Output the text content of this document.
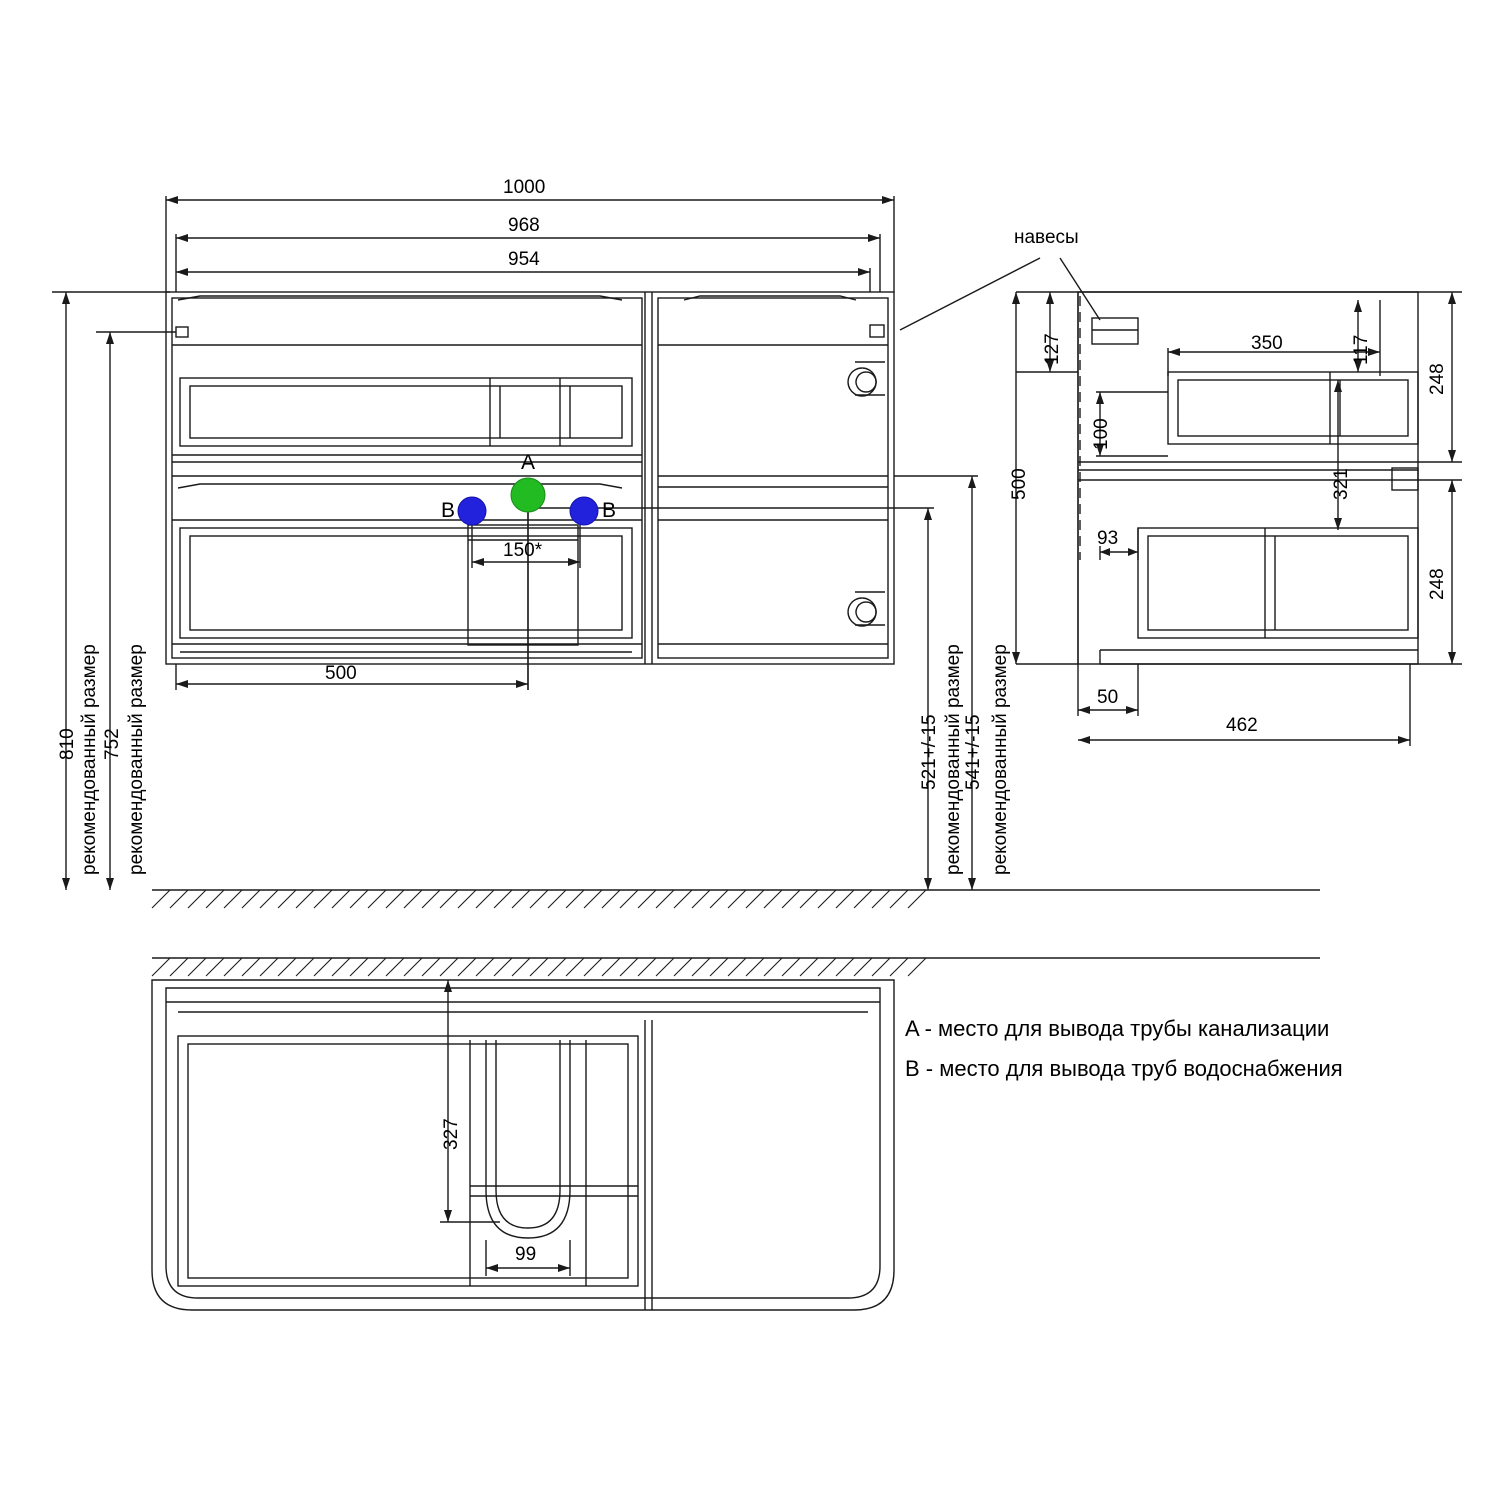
1000
968
954
500
150*
A
B	B
навесы
810 рекомендованный размер 752 рекомендованный размер	521+/-15 рекомендованный размер 541+/-15 рекомендованный размер
127
100
500
350	117
248
321
248
93
50
462
327
99
A - место для вывода трубы канализации
B - место для вывода труб водоснабжения
